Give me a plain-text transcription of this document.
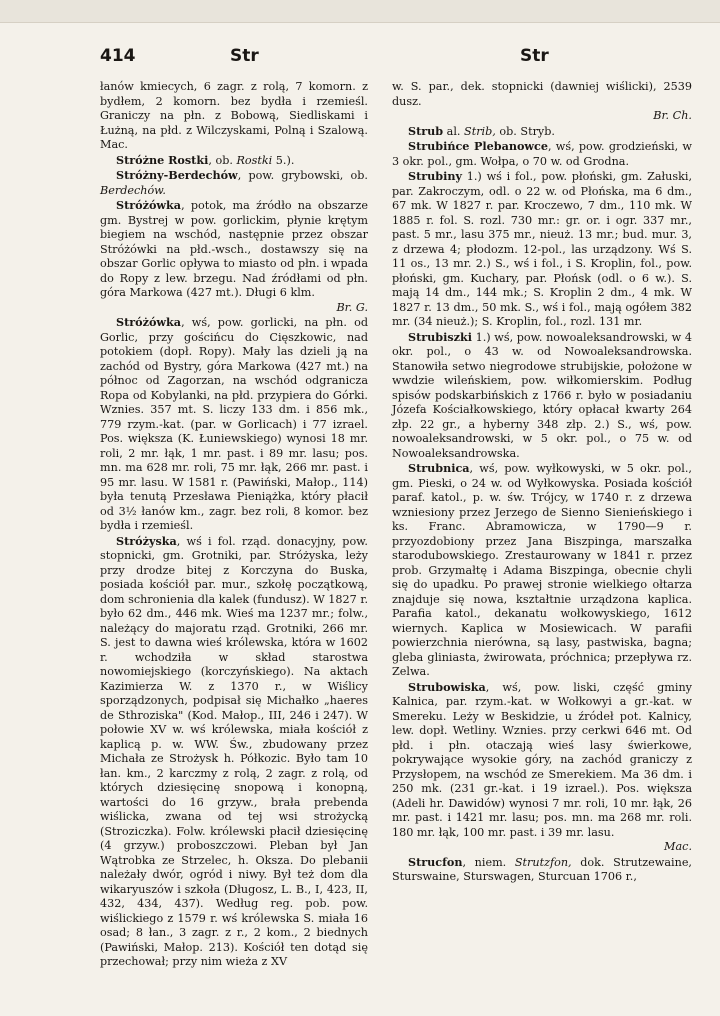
414	Str	Str

łanów kmiecych, 6 zagr. z rolą, 7 komorn. z bydłem, 2 komorn. bez bydła i rzemieśl. Graniczy na płn. z Bobową, Siedliskami i Łużną, na płd. z Wilczyskami, Polną i Szalową. Mac.

Stróżne Rostki, ob. Rostki 5.).

Stróżny-Berdechów, pow. grybowski, ob. Berdechów.

Stróżówka, potok, ma źródło na obszarze gm. Bystrej w pow. gorlickim, płynie krętym biegiem na wschód, następnie przez obszar Stróżówki na płd.-wsch., dostawszy się na obszar Gorlic opływa to miasto od płn. i wpada do Ropy z lew. brzegu. Nad źródłami od płn. góra Markowa (427 mt.). Długi 6 klm.
Br. G.

Stróżówka, wś, pow. gorlicki, na płn. od Gorlic, przy gościńcu do Cięszkowic, nad potokiem (dopł. Ropy). Mały las dzieli ją na zachód od Bystry, góra Markowa (427 mt.) na północ od Zagorzan, na wschód odgranicza Ropa od Kobylanki, na płd. przypiera do Górki. Wznies. 357 mt. S. liczy 133 dm. i 856 mk., 779 rzym.-kat. (par. w Gorlicach) i 77 izrael. Pos. większa (K. Łuniewskiego) wynosi 18 mr. roli, 2 mr. łąk, 1 mr. past. i 89 mr. lasu; pos. mn. ma 628 mr. roli, 75 mr. łąk, 266 mr. past. i 95 mr. lasu. W 1581 r. (Pawiński, Małop., 114) była tenutą Przesława Pieniążka, który płacił od 3½ łanów km., zagr. bez roli, 8 komor. bez bydła i rzemieśl.

Stróżyska, wś i fol. rząd. donacyjny, pow. stopnicki, gm. Grotniki, par. Stróżyska, leży przy drodze bitej z Korczyna do Buska, posiada kościół par. mur., szkołę początkową, dom schronienia dla kalek (fundusz). W 1827 r. było 62 dm., 446 mk. Wieś ma 1237 mr.; folw., należący do majoratu rząd. Grotniki, 266 mr. S. jest to dawna wieś królewska, która w 1602 r. wchodziła w skład starostwa nowomiejskiego (korczyńskiego). Na aktach Kazimierza W. z 1370 r., w Wiślicy sporządzonych, podpisał się Michałko „haeres de Sthroziska" (Kod. Małop., III, 246 i 247). W połowie XV w. wś królewska, miała kościół z kaplicą p. w. WW. Św., zbudowany przez Michała ze Strożysk h. Półkozic. Było tam 10 łan. km., 2 karczmy z rolą, 2 zagr. z rolą, od których dziesięcinę snopową i konopną, wartości do 16 grzyw., brała prebenda wiślicka, zwana od tej wsi strożycką (Stroziczka). Folw. królewski płacił dziesięcinę (4 grzyw.) proboszczowi. Pleban był Jan Wątrobka ze Strzelec, h. Oksza. Do plebanii należały dwór, ogród i niwy. Był też dom dla wikaryuszów i szkoła (Długosz, L. B., I, 423, II, 432, 434, 437). Według reg. pob. pow. wiślickiego z 1579 r. wś królewska S. miała 16 osad; 8 łan., 3 zagr. z r., 2 kom., 2 biednych (Pawiński, Małop. 213). Kościół ten dotąd się przechował; przy nim wieża z XV

w. S. par., dek. stopnicki (dawniej wiślicki), 2539 dusz.
Br. Ch.

Strub al. Strib, ob. Stryb.

Strubińce Plebanowce, wś, pow. grodzieński, w 3 okr. pol., gm. Wołpa, o 70 w. od Grodna.

Strubiny 1.) wś i fol., pow. płoński, gm. Załuski, par. Zakroczym, odl. o 22 w. od Płońska, ma 6 dm., 67 mk. W 1827 r. par. Kroczewo, 7 dm., 110 mk. W 1885 r. fol. S. rozl. 730 mr.: gr. or. i ogr. 337 mr., past. 5 mr., lasu 375 mr., nieuż. 13 mr.; bud. mur. 3, z drzewa 4; płodozm. 12-pol., las urządzony. Wś S. 11 os., 13 mr. 2.) S., wś i fol., i S. Kroplin, fol., pow. płoński, gm. Kuchary, par. Płońsk (odl. o 6 w.). S. mają 14 dm., 144 mk.; S. Kroplin 2 dm., 4 mk. W 1827 r. 13 dm., 50 mk. S., wś i fol., mają ogółem 382 mr. (34 nieuż.); S. Kroplin, fol., rozl. 131 mr.

Strubiszki 1.) wś, pow. nowoaleksandrowski, w 4 okr. pol., o 43 w. od Nowoaleksandrowska. Stanowiła setwo niegrodowe strubijskie, położone w wwdzie wileńskiem, pow. wiłkomierskim. Podług spisów podskarbińskich z 1766 r. było w posiadaniu Józefa Kościałkowskiego, który opłacał kwarty 264 złp. 22 gr., a hyberny 348 złp. 2.) S., wś, pow. nowoaleksandrowski, w 5 okr. pol., o 75 w. od Nowoaleksandrowska.

Strubnica, wś, pow. wyłkowyski, w 5 okr. pol., gm. Pieski, o 24 w. od Wyłkowyska. Posiada kościół paraf. katol., p. w. św. Trójcy, w 1740 r. z drzewa wzniesiony przez Jerzego de Sienno Sienieńskiego i ks. Franc. Abramowicza, w 1790—9 r. przyozdobiony przez Jana Biszpinga, marszałka starodubowskiego. Zrestaurowany w 1841 r. przez prob. Grzymałtę i Adama Biszpinga, obecnie chyli się do upadku. Po prawej stronie wielkiego ołtarza znajduje się nowa, kształtnie urządzona kaplica. Parafia katol., dekanatu wołkowyskiego, 1612 wiernych. Kaplica w Mosiewicach. W parafii powierzchnia nierówna, są lasy, pastwiska, bagna; gleba gliniasta, żwirowata, próchnica; przepływa rz. Zelwa.

Strubowiska, wś, pow. liski, część gminy Kalnica, par. rzym.-kat. w Wołkowyi a gr.-kat. w Smereku. Leży w Beskidzie, u źródeł pot. Kalnicy, lew. dopł. Wetliny. Wznies. przy cerkwi 646 mt. Od płd. i płn. otaczają wieś lasy świerkowe, pokrywające wysokie góry, na zachód graniczy z Przysłopem, na wschód ze Smerekiem. Ma 36 dm. i 250 mk. (231 gr.-kat. i 19 izrael.). Pos. większa (Adeli hr. Dawidów) wynosi 7 mr. roli, 10 mr. łąk, 26 mr. past. i 1421 mr. lasu; pos. mn. ma 268 mr. roli. 180 mr. łąk, 100 mr. past. i 39 mr. lasu.
Mac.

Strucfon, niem. Strutzfon, dok. Strutzewaine, Sturswaine, Sturswagen, Sturcuan 1706 r.,
